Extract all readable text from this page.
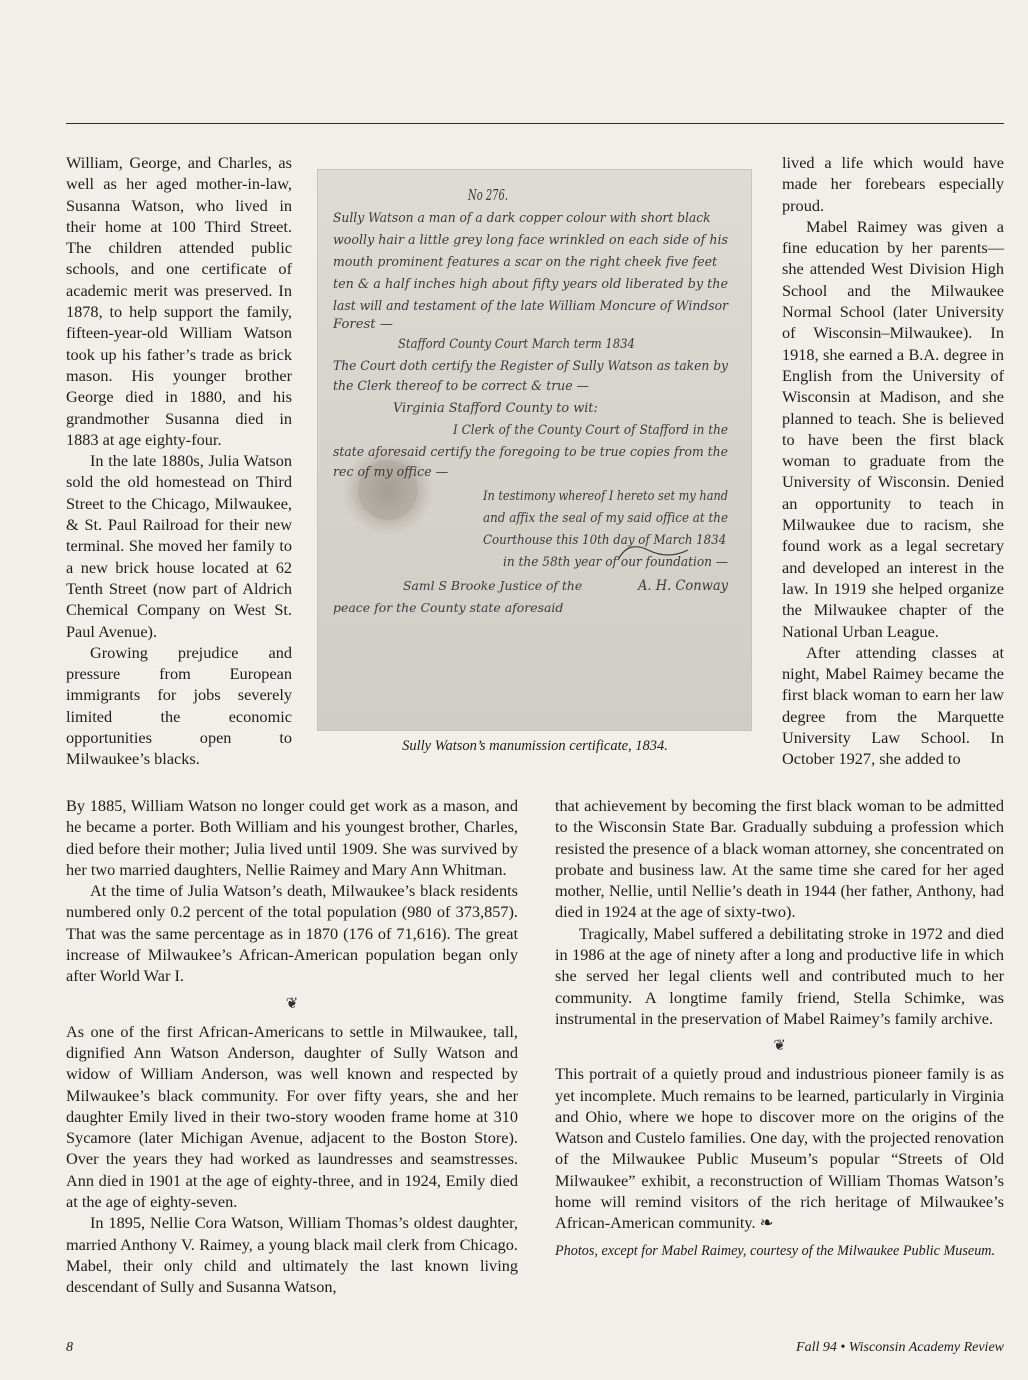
William, George, and Charles, as well as her aged mother-in-law, Susanna Watson, who lived in their home at 100 Third Street. The children attended public schools, and one certificate of academic merit was preserved. In 1878, to help support the family, fifteen-year-old William Watson took up his father’s trade as brick mason. His younger brother George died in 1880, and his grandmother Susanna died in 1883 at age eighty-four.

In the late 1880s, Julia Watson sold the old homestead on Third Street to the Chicago, Milwaukee, & St. Paul Railroad for their new terminal. She moved her family to a new brick house located at 62 Tenth Street (now part of Aldrich Chemical Company on West St. Paul Avenue).

Growing prejudice and pressure from European immigrants for jobs severely limited the economic opportunities open to Milwaukee’s blacks.

No 276.
Sully Watson a man of a dark copper colour with short black
woolly hair a little grey long face wrinkled on each side of his
mouth prominent features a scar on the right cheek five feet
ten & a half inches high about fifty years old liberated by the
last will and testament of the late William Moncure of Windsor
Forest —
Stafford County Court March term 1834
The Court doth certify the Register of Sully Watson as taken by
the Clerk thereof to be correct & true —
Virginia Stafford County to wit:
I Clerk of the County Court of Stafford in the
state aforesaid certify the foregoing to be true copies from the
rec of my office —
In testimony whereof I hereto set my hand
and affix the seal of my said office at the
Courthouse this 10th day of March 1834
in the 58th year of our foundation —
Saml S Brooke Justice of the
peace for the County state aforesaid
A. H. Conway
Sully Watson’s manumission certificate, 1834.

lived a life which would have made her forebears especially proud.

Mabel Raimey was given a fine education by her parents—she attended West Division High School and the Milwaukee Normal School (later University of Wisconsin–Milwaukee). In 1918, she earned a B.A. degree in English from the University of Wisconsin at Madison, and she planned to teach. She is believed to have been the first black woman to graduate from the University of Wisconsin. Denied an opportunity to teach in Milwaukee due to racism, she found work as a legal secretary and developed an interest in the law. In 1919 she helped organize the Milwaukee chapter of the National Urban League.

After attending classes at night, Mabel Raimey became the first black woman to earn her law degree from the Marquette University Law School. In October 1927, she added to

By 1885, William Watson no longer could get work as a mason, and he became a porter. Both William and his youngest brother, Charles, died before their mother; Julia lived until 1909. She was survived by her two married daughters, Nellie Raimey and Mary Ann Whitman.

At the time of Julia Watson’s death, Milwaukee’s black residents numbered only 0.2 percent of the total population (980 of 373,857). That was the same percentage as in 1870 (176 of 71,616). The great increase of Milwaukee’s African-American population began only after World War I.

❦

As one of the first African-Americans to settle in Milwaukee, tall, dignified Ann Watson Anderson, daughter of Sully Watson and widow of William Anderson, was well known and respected by Milwaukee’s black community. For over fifty years, she and her daughter Emily lived in their two-story wooden frame home at 310 Sycamore (later Michigan Avenue, adjacent to the Boston Store). Over the years they had worked as laundresses and seamstresses. Ann died in 1901 at the age of eighty-three, and in 1924, Emily died at the age of eighty-seven.

In 1895, Nellie Cora Watson, William Thomas’s oldest daughter, married Anthony V. Raimey, a young black mail clerk from Chicago. Mabel, their only child and ultimately the last known living descendant of Sully and Susanna Watson,

that achievement by becoming the first black woman to be admitted to the Wisconsin State Bar. Gradually subduing a profession which resisted the presence of a black woman attorney, she concentrated on probate and business law. At the same time she cared for her aged mother, Nellie, until Nellie’s death in 1944 (her father, Anthony, had died in 1924 at the age of sixty-two).

Tragically, Mabel suffered a debilitating stroke in 1972 and died in 1986 at the age of ninety after a long and productive life in which she served her legal clients well and contributed much to her community. A longtime family friend, Stella Schimke, was instrumental in the preservation of Mabel Raimey’s family archive.

❦

This portrait of a quietly proud and industrious pioneer family is as yet incomplete. Much remains to be learned, particularly in Virginia and Ohio, where we hope to discover more on the origins of the Watson and Custelo families. One day, with the projected renovation of the Milwaukee Public Museum’s popular “Streets of Old Milwaukee” exhibit, a reconstruction of William Thomas Watson’s home will remind visitors of the rich heritage of Milwaukee’s African-American community. ❧

Photos, except for Mabel Raimey, courtesy of the Milwaukee Public Museum.

8	Fall 94 • Wisconsin Academy Review
